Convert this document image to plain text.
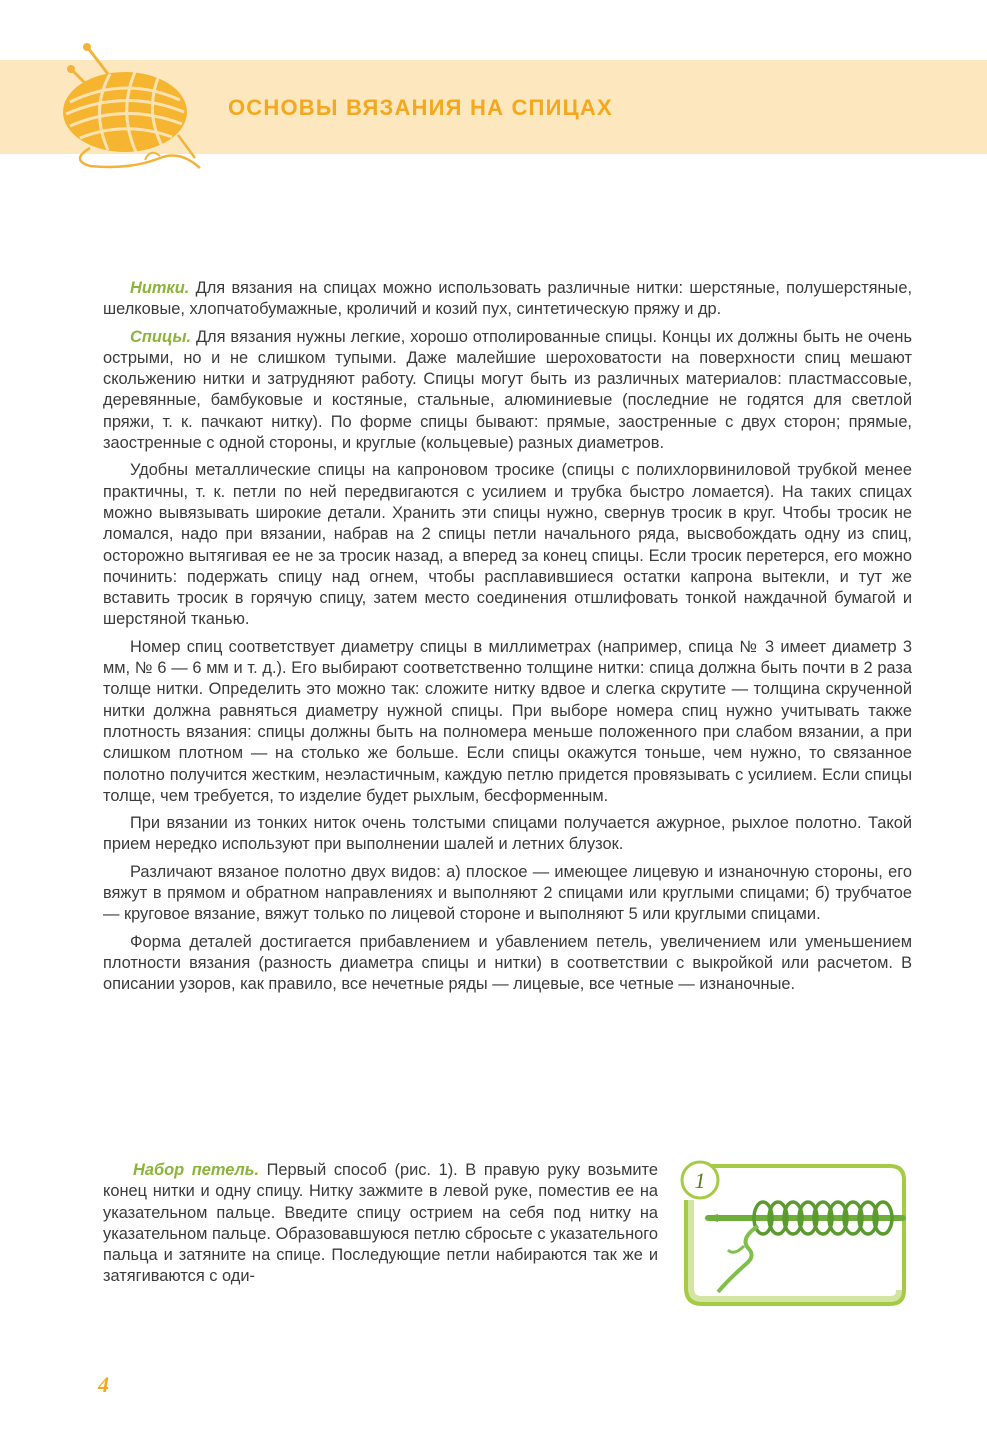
ОСНОВЫ ВЯЗАНИЯ НА СПИЦАХ

Нитки. Для вязания на спицах можно использовать различные нитки: шерстяные, полушерстяные, шелковые, хлопчатобумажные, кроличий и козий пух, синтетическую пряжу и др.

Спицы. Для вязания нужны легкие, хорошо отполированные спицы. Концы их должны быть не очень острыми, но и не слишком тупыми. Даже малейшие шероховатости на поверхности спиц мешают скольжению нитки и затрудняют работу. Спицы могут быть из различных материалов: пластмассовые, деревянные, бамбуковые и костяные, стальные, алюминиевые (последние не годятся для светлой пряжи, т. к. пачкают нитку). По форме спицы бывают: прямые, заостренные с двух сторон; прямые, заостренные с одной стороны, и круглые (кольцевые) разных диаметров.

Удобны металлические спицы на капроновом тросике (спицы с полихлорвиниловой трубкой менее практичны, т. к. петли по ней передвигаются с усилием и трубка быстро ломается). На таких спицах можно вывязывать широкие детали. Хранить эти спицы нужно, свернув тросик в круг. Чтобы тросик не ломался, надо при вязании, набрав на 2 спицы петли начального ряда, высвобождать одну из спиц, осторожно вытягивая ее не за тросик назад, а вперед за конец спицы. Если тросик перетерся, его можно починить: подержать спицу над огнем, чтобы расплавившиеся остатки капрона вытекли, и тут же вставить тросик в горячую спицу, затем место соединения отшлифовать тонкой наждачной бумагой и шерстяной тканью.

Номер спиц соответствует диаметру спицы в миллиметрах (например, спица № 3 имеет диаметр 3 мм, № 6 — 6 мм и т. д.). Его выбирают соответственно толщине нитки: спица должна быть почти в 2 раза толще нитки. Определить это можно так: сложите нитку вдвое и слегка скрутите — толщина скрученной нитки должна равняться диаметру нужной спицы. При выборе номера спиц нужно учитывать также плотность вязания: спицы должны быть на полномера меньше положенного при слабом вязании, а при слишком плотном — на столько же больше. Если спицы окажутся тоньше, чем нужно, то связанное полотно получится жестким, неэластичным, каждую петлю придется провязывать с усилием. Если спицы толще, чем требуется, то изделие будет рыхлым, бесформенным.

При вязании из тонких ниток очень толстыми спицами получается ажурное, рыхлое полотно. Такой прием нередко используют при выполнении шалей и летних блузок.

Различают вязаное полотно двух видов: а) плоское — имеющее лицевую и изнаночную стороны, его вяжут в прямом и обратном направлениях и выполняют 2 спицами или круглыми спицами; б) трубчатое — круговое вязание, вяжут только по лицевой стороне и выполняют 5 или круглыми спицами.

Форма деталей достигается прибавлением и убавлением петель, увеличением или уменьшением плотности вязания (разность диаметра спицы и нитки) в соответствии с выкройкой или расчетом. В описании узоров, как правило, все нечетные ряды — лицевые, все четные — изнаночные.

Набор петель. Первый способ (рис. 1). В правую руку возьмите конец нитки и одну спицу. Нитку зажмите в левой руке, поместив ее на указательном пальце. Введите спицу острием на себя под нитку на указательном пальце. Образовавшуюся петлю сбросьте с указательного пальца и затяните на спице. Последующие петли набираются так же и затягиваются с оди-

1
4
